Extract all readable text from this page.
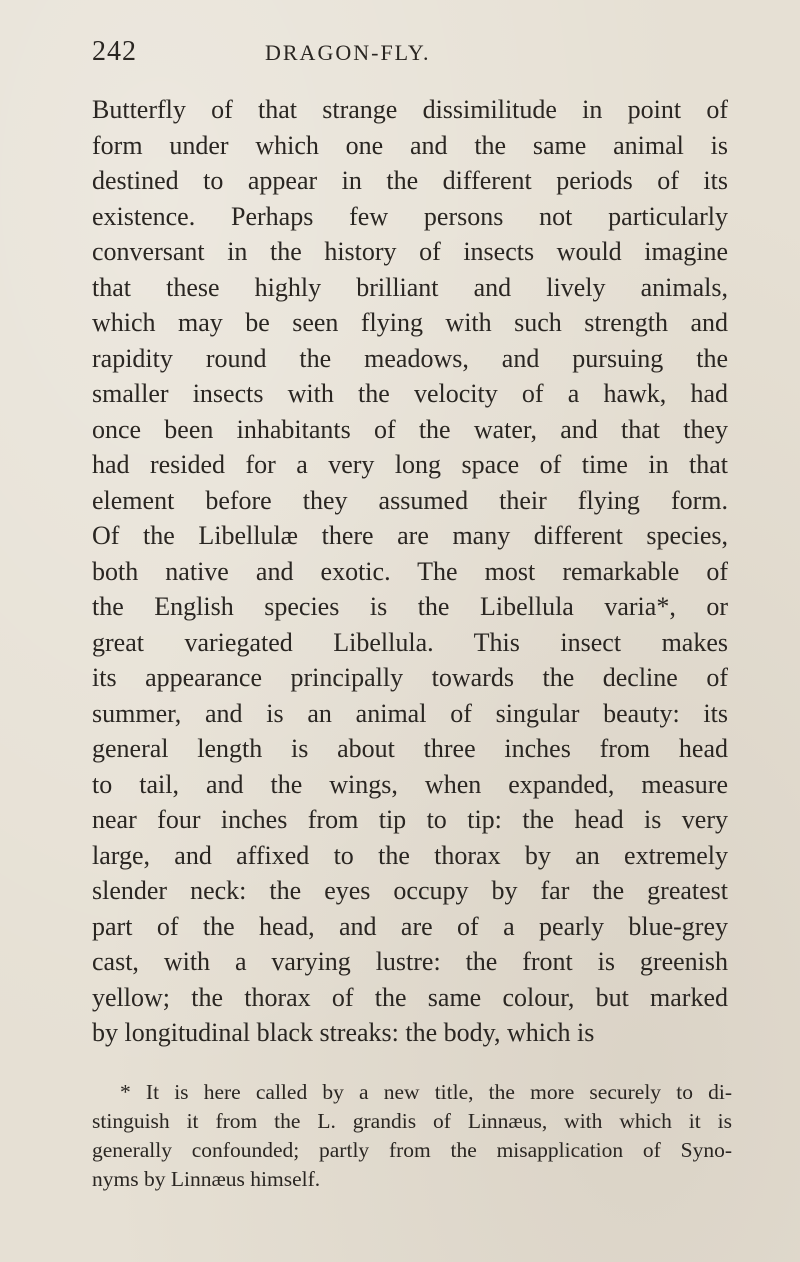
242	DRAGON-FLY.
Butterfly of that strange dissimilitude in point of
form under which one and the same animal is
destined to appear in the different periods of its
existence. Perhaps few persons not particularly
conversant in the history of insects would imagine
that these highly brilliant and lively animals,
which may be seen flying with such strength and
rapidity round the meadows, and pursuing the
smaller insects with the velocity of a hawk, had
once been inhabitants of the water, and that they
had resided for a very long space of time in that
element before they assumed their flying form.
Of the Libellulæ there are many different species,
both native and exotic. The most remarkable of
the English species is the Libellula varia*, or
great variegated Libellula. This insect makes
its appearance principally towards the decline of
summer, and is an animal of singular beauty: its
general length is about three inches from head
to tail, and the wings, when expanded, measure
near four inches from tip to tip: the head is very
large, and affixed to the thorax by an extremely
slender neck: the eyes occupy by far the greatest
part of the head, and are of a pearly blue-grey
cast, with a varying lustre: the front is greenish
yellow; the thorax of the same colour, but marked
by longitudinal black streaks: the body, which is
* It is here called by a new title, the more securely to di-
stinguish it from the L. grandis of Linnæus, with which it is
generally confounded; partly from the misapplication of Syno-
nyms by Linnæus himself.
